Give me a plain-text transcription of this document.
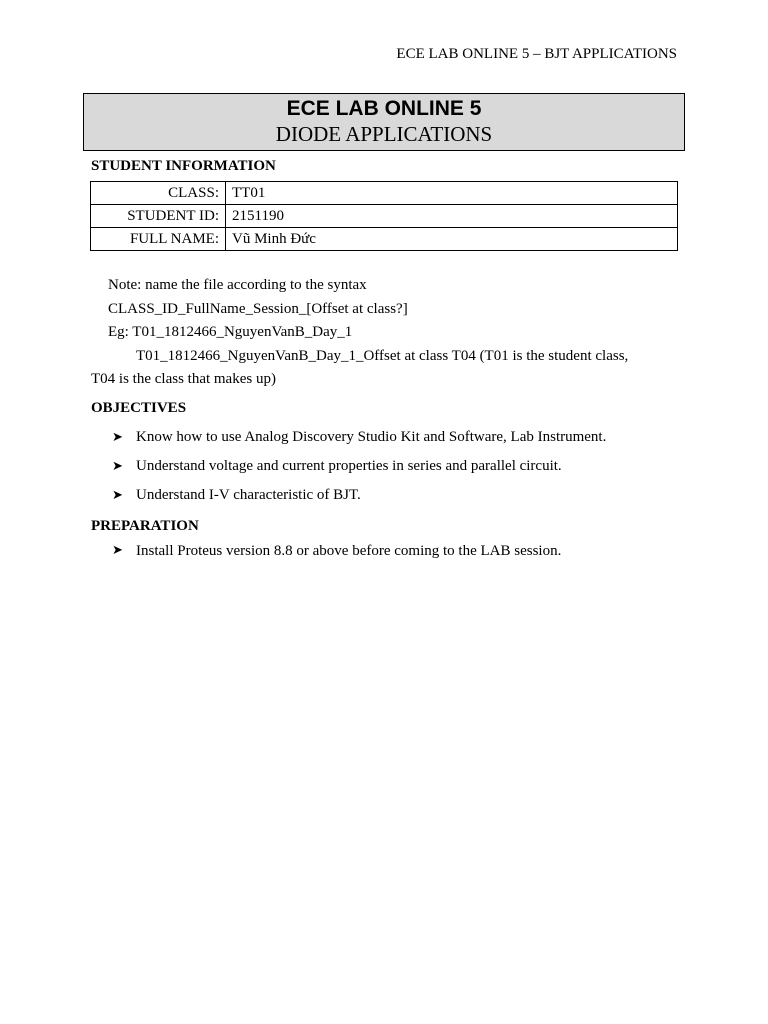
ECE LAB ONLINE 5 – BJT APPLICATIONS
ECE LAB ONLINE 5
DIODE APPLICATIONS
STUDENT INFORMATION
CLASS:	TT01
STUDENT ID:	2151190
FULL NAME:	Vũ Minh Đức
Note: name the file according to the syntax
CLASS_ID_FullName_Session_[Offset at class?]
Eg: T01_1812466_NguyenVanB_Day_1
T01_1812466_NguyenVanB_Day_1_Offset at class T04 (T01 is the student class,
T04 is the class that makes up)
OBJECTIVES
➤ Know how to use Analog Discovery Studio Kit and Software, Lab Instrument.
➤ Understand voltage and current properties in series and parallel circuit.
➤ Understand I-V characteristic of BJT.
PREPARATION
➤ Install Proteus version 8.8 or above before coming to the LAB session.
